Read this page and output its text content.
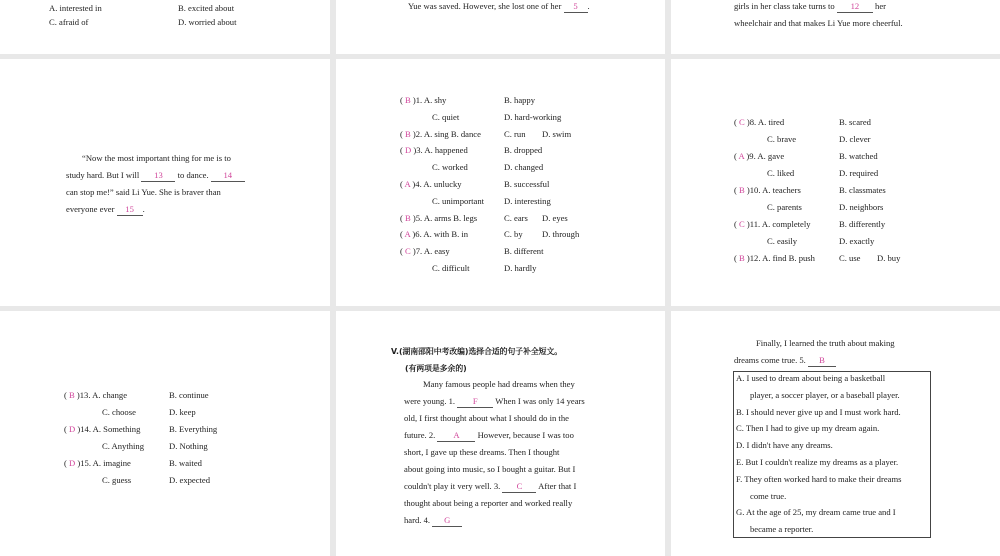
A. interested in	B. excited about
C. afraid of	D. worried about
Yue was saved. However, she lost one of her 5 .	girls in her class take turns to 12 her
wheelchair and that makes Li Yue more cheerful.
“Now the most important thing for me is to
study hard. But I will 13 to dance. 14
can stop me!” said Li Yue. She is braver than
everyone ever 15 .
( B )1. A. shy	B. happy
C. quiet	D. hard-working
( B )2. A. sing B. dance	C. run D. swim
( D )3. A. happened	B. dropped
C. worked	D. changed
( A )4. A. unlucky	B. successful
C. unimportant D. interesting
( B )5. A. arms B. legs	C. ears D. eyes
( A )6. A. with B. in	C. by D. through
( C )7. A. easy	B. different
C. difficult	D. hardly
( C )8. A. tired	B. scared
C. brave	D. clever
( A )9. A. gave	B. watched
C. liked	D. required
( B )10. A. teachers	B. classmates
C. parents	D. neighbors
( C )11. A. completely	B. differently
C. easily	D. exactly
( B )12. A. find B. push	C. use D. buy
( B )13. A. change	B. continue
C. choose	D. keep
( D )14. A. Something	B. Everything
C. Anything	D. Nothing
( D )15. A. imagine	B. waited
C. guess	D. expected
V.(湖南邵阳中考改编)选择合适的句子补全短文。
(有两项是多余的)
Many famous people had dreams when they
were young. 1. F When I was only 14 years
old, I first thought about what I should do in the
future. 2. A However, because I was too
short, I gave up these dreams. Then I thought
about going into music, so I bought a guitar. But I
couldn't play it very well. 3. C After that I
thought about being a reporter and worked really
hard. 4. G
Finally, I learned the truth about making
dreams come true. 5. B
A. I used to dream about being a basketball
player, a soccer player, or a baseball player.
B. I should never give up and I must work hard.
C. Then I had to give up my dream again.
D. I didn't have any dreams.
E. But I couldn't realize my dreams as a player.
F. They often worked hard to make their dreams
come true.
G. At the age of 25, my dream came true and I
became a reporter.
